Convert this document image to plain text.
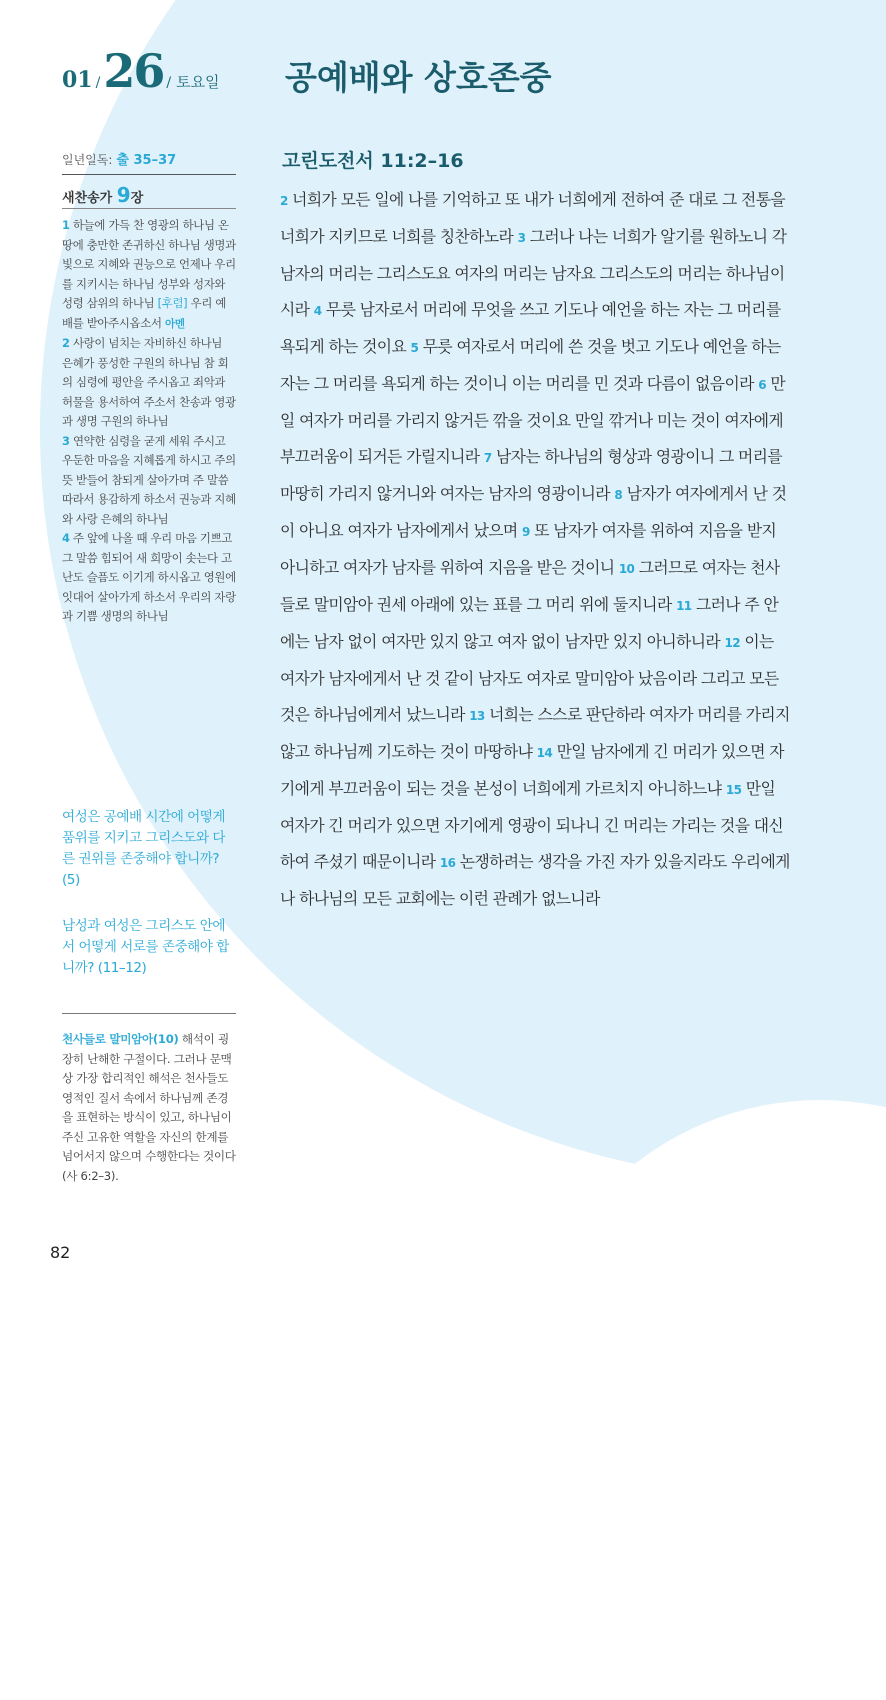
01 / 26 / 토요일 공예배와 상호존중
일년일독: 출 35–37
새찬송가 9장

1 하늘에 가득 찬 영광의 하나님 온 땅에 충만한 존귀하신 하나님 생명과 빛으로 지혜와 권능으로 언제나 우리를 지키시는 하나님 성부와 성자와 성령 삼위의 하나님 [후렴] 우리 예배를 받아주시옵소서 아멘

2 사랑이 넘치는 자비하신 하나님 은혜가 풍성한 구원의 하나님 참 회의 심령에 평안을 주시옵고 죄악과 허물을 용서하여 주소서 찬송과 영광과 생명 구원의 하나님

3 연약한 심령을 굳게 세워 주시고 우둔한 마음을 지혜롭게 하시고 주의 뜻 받들어 참되게 살아가며 주 말씀 따라서 용감하게 하소서 권능과 지혜와 사랑 은혜의 하나님

4 주 앞에 나올 때 우리 마음 기쁘고 그 말씀 힘되어 새 희망이 솟는다 고난도 슬픔도 이기게 하시옵고 영원에 잇대어 살아가게 하소서 우리의 자랑과 기쁨 생명의 하나님

여성은 공예배 시간에 어떻게 품위를 지키고 그리스도와 다른 권위를 존중해야 합니까? (5)
남성과 여성은 그리스도 안에서 어떻게 서로를 존중해야 합니까? (11–12)
천사들로 말미암아(10) 해석이 굉장히 난해한 구절이다. 그러나 문맥상 가장 합리적인 해석은 천사들도 영적인 질서 속에서 하나님께 존경을 표현하는 방식이 있고, 하나님이 주신 고유한 역할을 자신의 한계를 넘어서지 않으며 수행한다는 것이다(사 6:2–3).
82
고린도전서 11:2–16
2 너희가 모든 일에 나를 기억하고 또 내가 너희에게 전하여 준 대로 그 전통을 너희가 지키므로 너희를 칭찬하노라 3 그러나 나는 너희가 알기를 원하노니 각 남자의 머리는 그리스도요 여자의 머리는 남자요 그리스도의 머리는 하나님이시라 4 무릇 남자로서 머리에 무엇을 쓰고 기도나 예언을 하는 자는 그 머리를 욕되게 하는 것이요 5 무릇 여자로서 머리에 쓴 것을 벗고 기도나 예언을 하는 자는 그 머리를 욕되게 하는 것이니 이는 머리를 민 것과 다름이 없음이라 6 만일 여자가 머리를 가리지 않거든 깎을 것이요 만일 깎거나 미는 것이 여자에게 부끄러움이 되거든 가릴지니라 7 남자는 하나님의 형상과 영광이니 그 머리를 마땅히 가리지 않거니와 여자는 남자의 영광이니라 8 남자가 여자에게서 난 것이 아니요 여자가 남자에게서 났으며 9 또 남자가 여자를 위하여 지음을 받지 아니하고 여자가 남자를 위하여 지음을 받은 것이니 10 그러므로 여자는 천사들로 말미암아 권세 아래에 있는 표를 그 머리 위에 둘지니라 11 그러나 주 안에는 남자 없이 여자만 있지 않고 여자 없이 남자만 있지 아니하니라 12 이는 여자가 남자에게서 난 것 같이 남자도 여자로 말미암아 났음이라 그리고 모든 것은 하나님에게서 났느니라 13 너희는 스스로 판단하라 여자가 머리를 가리지 않고 하나님께 기도하는 것이 마땅하냐 14 만일 남자에게 긴 머리가 있으면 자기에게 부끄러움이 되는 것을 본성이 너희에게 가르치지 아니하느냐 15 만일 여자가 긴 머리가 있으면 자기에게 영광이 되나니 긴 머리는 가리는 것을 대신하여 주셨기 때문이니라 16 논쟁하려는 생각을 가진 자가 있을지라도 우리에게나 하나님의 모든 교회에는 이런 관례가 없느니라
